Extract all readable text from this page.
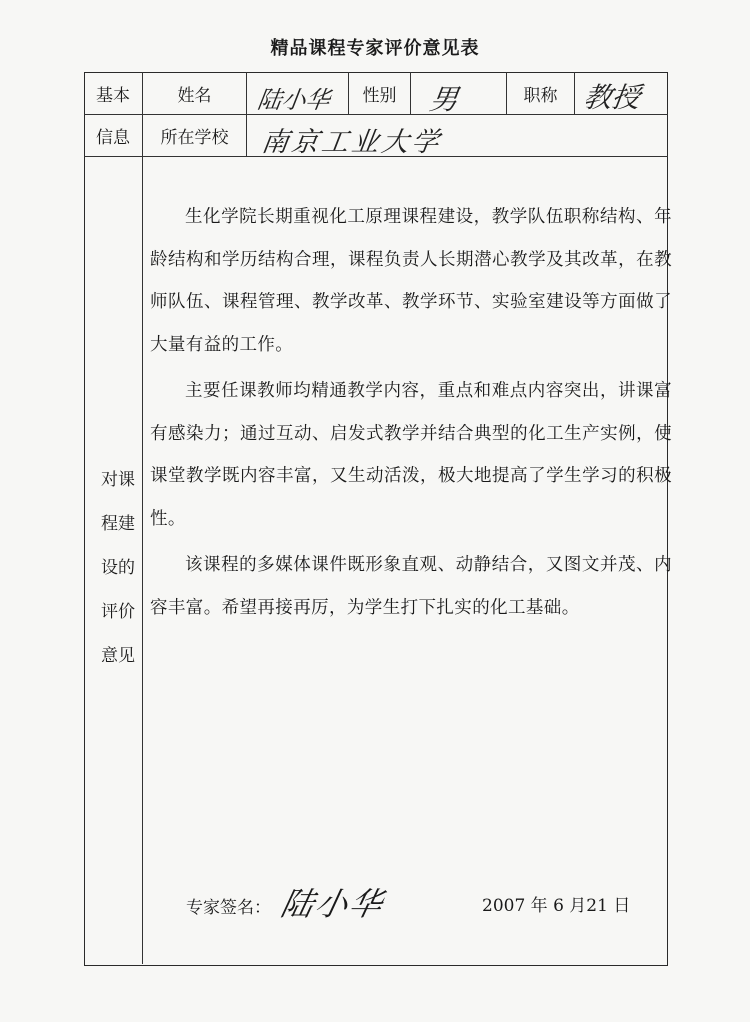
精品课程专家评价意见表
基本	姓名	陆小华	性别	男	职称 教授
信息	所在学校	南京工业大学
对课
程建
设的
评价
意见

生化学院长期重视化工原理课程建设，教学队伍职称结构、年龄结构和学历结构合理，课程负责人长期潜心教学及其改革，在教师队伍、课程管理、教学改革、教学环节、实验室建设等方面做了大量有益的工作。

主要任课教师均精通教学内容，重点和难点内容突出，讲课富有感染力；通过互动、启发式教学并结合典型的化工生产实例，使课堂教学既内容丰富，又生动活泼，极大地提高了学生学习的积极性。

该课程的多媒体课件既形象直观、动静结合，又图文并茂、内容丰富。希望再接再厉，为学生打下扎实的化工基础。

专家签名： 陆小华	2007 年 6 月21 日
